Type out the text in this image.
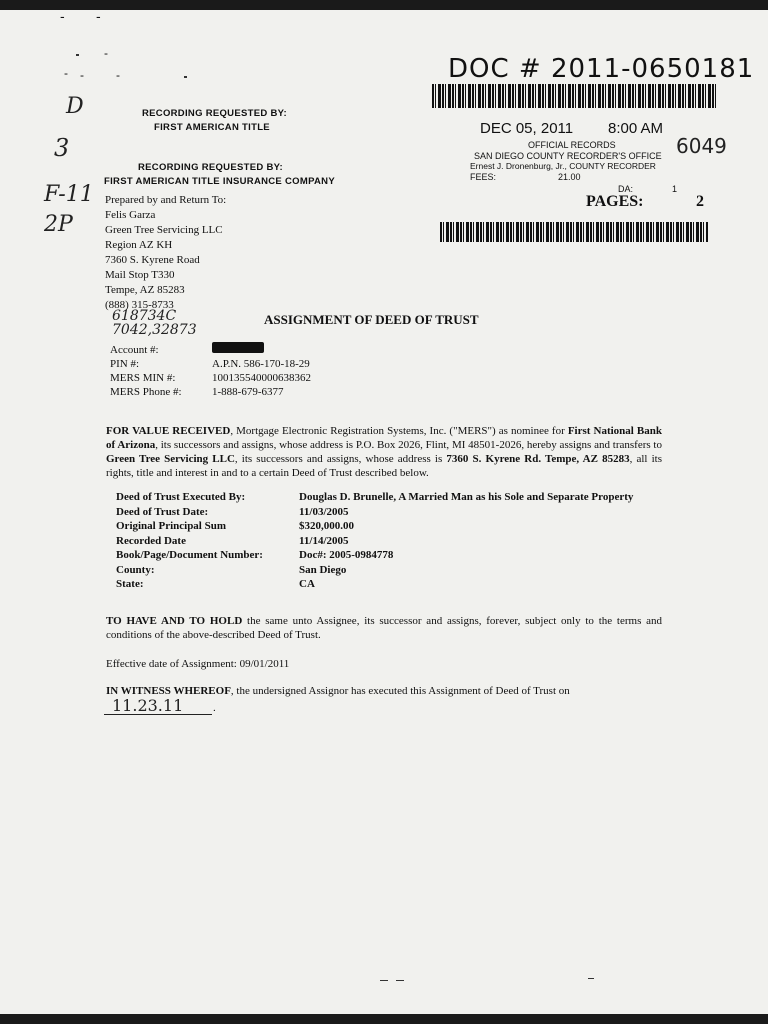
- -
-
- -	-
D
3
F-11
2P
RECORDING REQUESTED BY:
FIRST AMERICAN TITLE
RECORDING REQUESTED BY:
FIRST AMERICAN TITLE INSURANCE COMPANY
DOC # 2011-0650181
DEC 05, 2011 8:00 AM
6049
OFFICIAL RECORDS
SAN DIEGO COUNTY RECORDER'S OFFICE
Ernest J. Dronenburg, Jr., COUNTY RECORDER
FEES:	21.00
DA:	1
PAGES:	2
Prepared by and Return To:
Felis Garza
Green Tree Servicing LLC
Region AZ KH
7360 S. Kyrene Road
Mail Stop T330
Tempe, AZ 85283
(888) 315-8733
618734C
7042,32873
ASSIGNMENT OF DEED OF TRUST
Account #:
PIN #:	A.P.N. 586-170-18-29
MERS MIN #:	100135540000638362
MERS Phone #:	1-888-679-6377
FOR VALUE RECEIVED, Mortgage Electronic Registration Systems, Inc. ("MERS") as nominee for First National Bank of Arizona, its successors and assigns, whose address is P.O. Box 2026, Flint, MI 48501-2026, hereby assigns and transfers to Green Tree Servicing LLC, its successors and assigns, whose address is 7360 S. Kyrene Rd. Tempe, AZ 85283, all its rights, title and interest in and to a certain Deed of Trust described below.
Deed of Trust Executed By:	Douglas D. Brunelle, A Married Man as his Sole and Separate Property
Deed of Trust Date:	11/03/2005
Original Principal Sum	$320,000.00
Recorded Date	11/14/2005
Book/Page/Document Number:	Doc#: 2005-0984778
County:	San Diego
State:	CA
TO HAVE AND TO HOLD the same unto Assignee, its successor and assigns, forever, subject only to the terms and conditions of the above-described Deed of Trust.
Effective date of Assignment: 09/01/2011
IN WITNESS WHEREOF, the undersigned Assignor has executed this Assignment of Deed of Trust on
11.23.11	.
